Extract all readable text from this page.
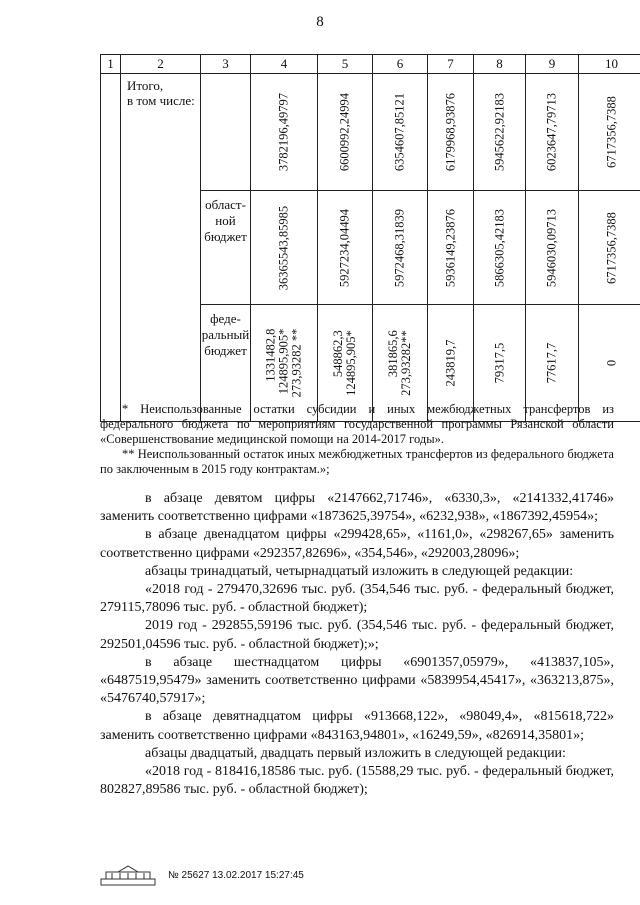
8
1	2	3	4	5	6	7	8	9	10
	Итого,
в том числе:		3782196,49797	6600992,24994	6354607,85121	6179968,93876	5945622,92183	6023647,79713	6717356,7388

		област-
ной
бюджет	36365543,85985	5927234,04494	5972468,31839	5936149,23876	5866305,42183	5946030,09713	6717356,7388

		феде-
ральный
бюджет	1331482,8 124895,905* 273,93282 **	548862,3 124895,905*	381865,6 273,93282**	243819,7	79317,5	77617,7	0

* Неиспользованные остатки субсидии и иных межбюджетных трансфертов из федерального бюджета по мероприятиям государственной программы Рязанской области «Совершенствование медицинской помощи на 2014-2017 годы».

** Неиспользованный остаток иных межбюджетных трансфертов из федерального бюджета по заключенным в 2015 году контрактам.»;

в абзаце девятом цифры «2147662,71746», «6330,3», «2141332,41746» заменить соответственно цифрами «1873625,39754», «6232,938», «1867392,45954»;

в абзаце двенадцатом цифры «299428,65», «1161,0», «298267,65» заменить соответственно цифрами «292357,82696», «354,546», «292003,28096»;

абзацы тринадцатый, четырнадцатый изложить в следующей редакции:

«2018 год - 279470,32696 тыс. руб. (354,546 тыс. руб. - федеральный бюджет, 279115,78096 тыс. руб. - областной бюджет);

2019 год - 292855,59196 тыс. руб. (354,546 тыс. руб. - федеральный бюджет, 292501,04596 тыс. руб. - областной бюджет);»;

в абзаце шестнадцатом цифры «6901357,05979», «413837,105», «6487519,95479» заменить соответственно цифрами «5839954,45417», «363213,875», «5476740,57917»;

в абзаце девятнадцатом цифры «913668,122», «98049,4», «815618,722» заменить соответственно цифрами «843163,94801», «16249,59», «826914,35801»;

абзацы двадцатый, двадцать первый изложить в следующей редакции:

«2018 год - 818416,18586 тыс. руб. (15588,29 тыс. руб. - федеральный бюджет, 802827,89586 тыс. руб. - областной бюджет);

№ 25627 13.02.2017 15:27:45
